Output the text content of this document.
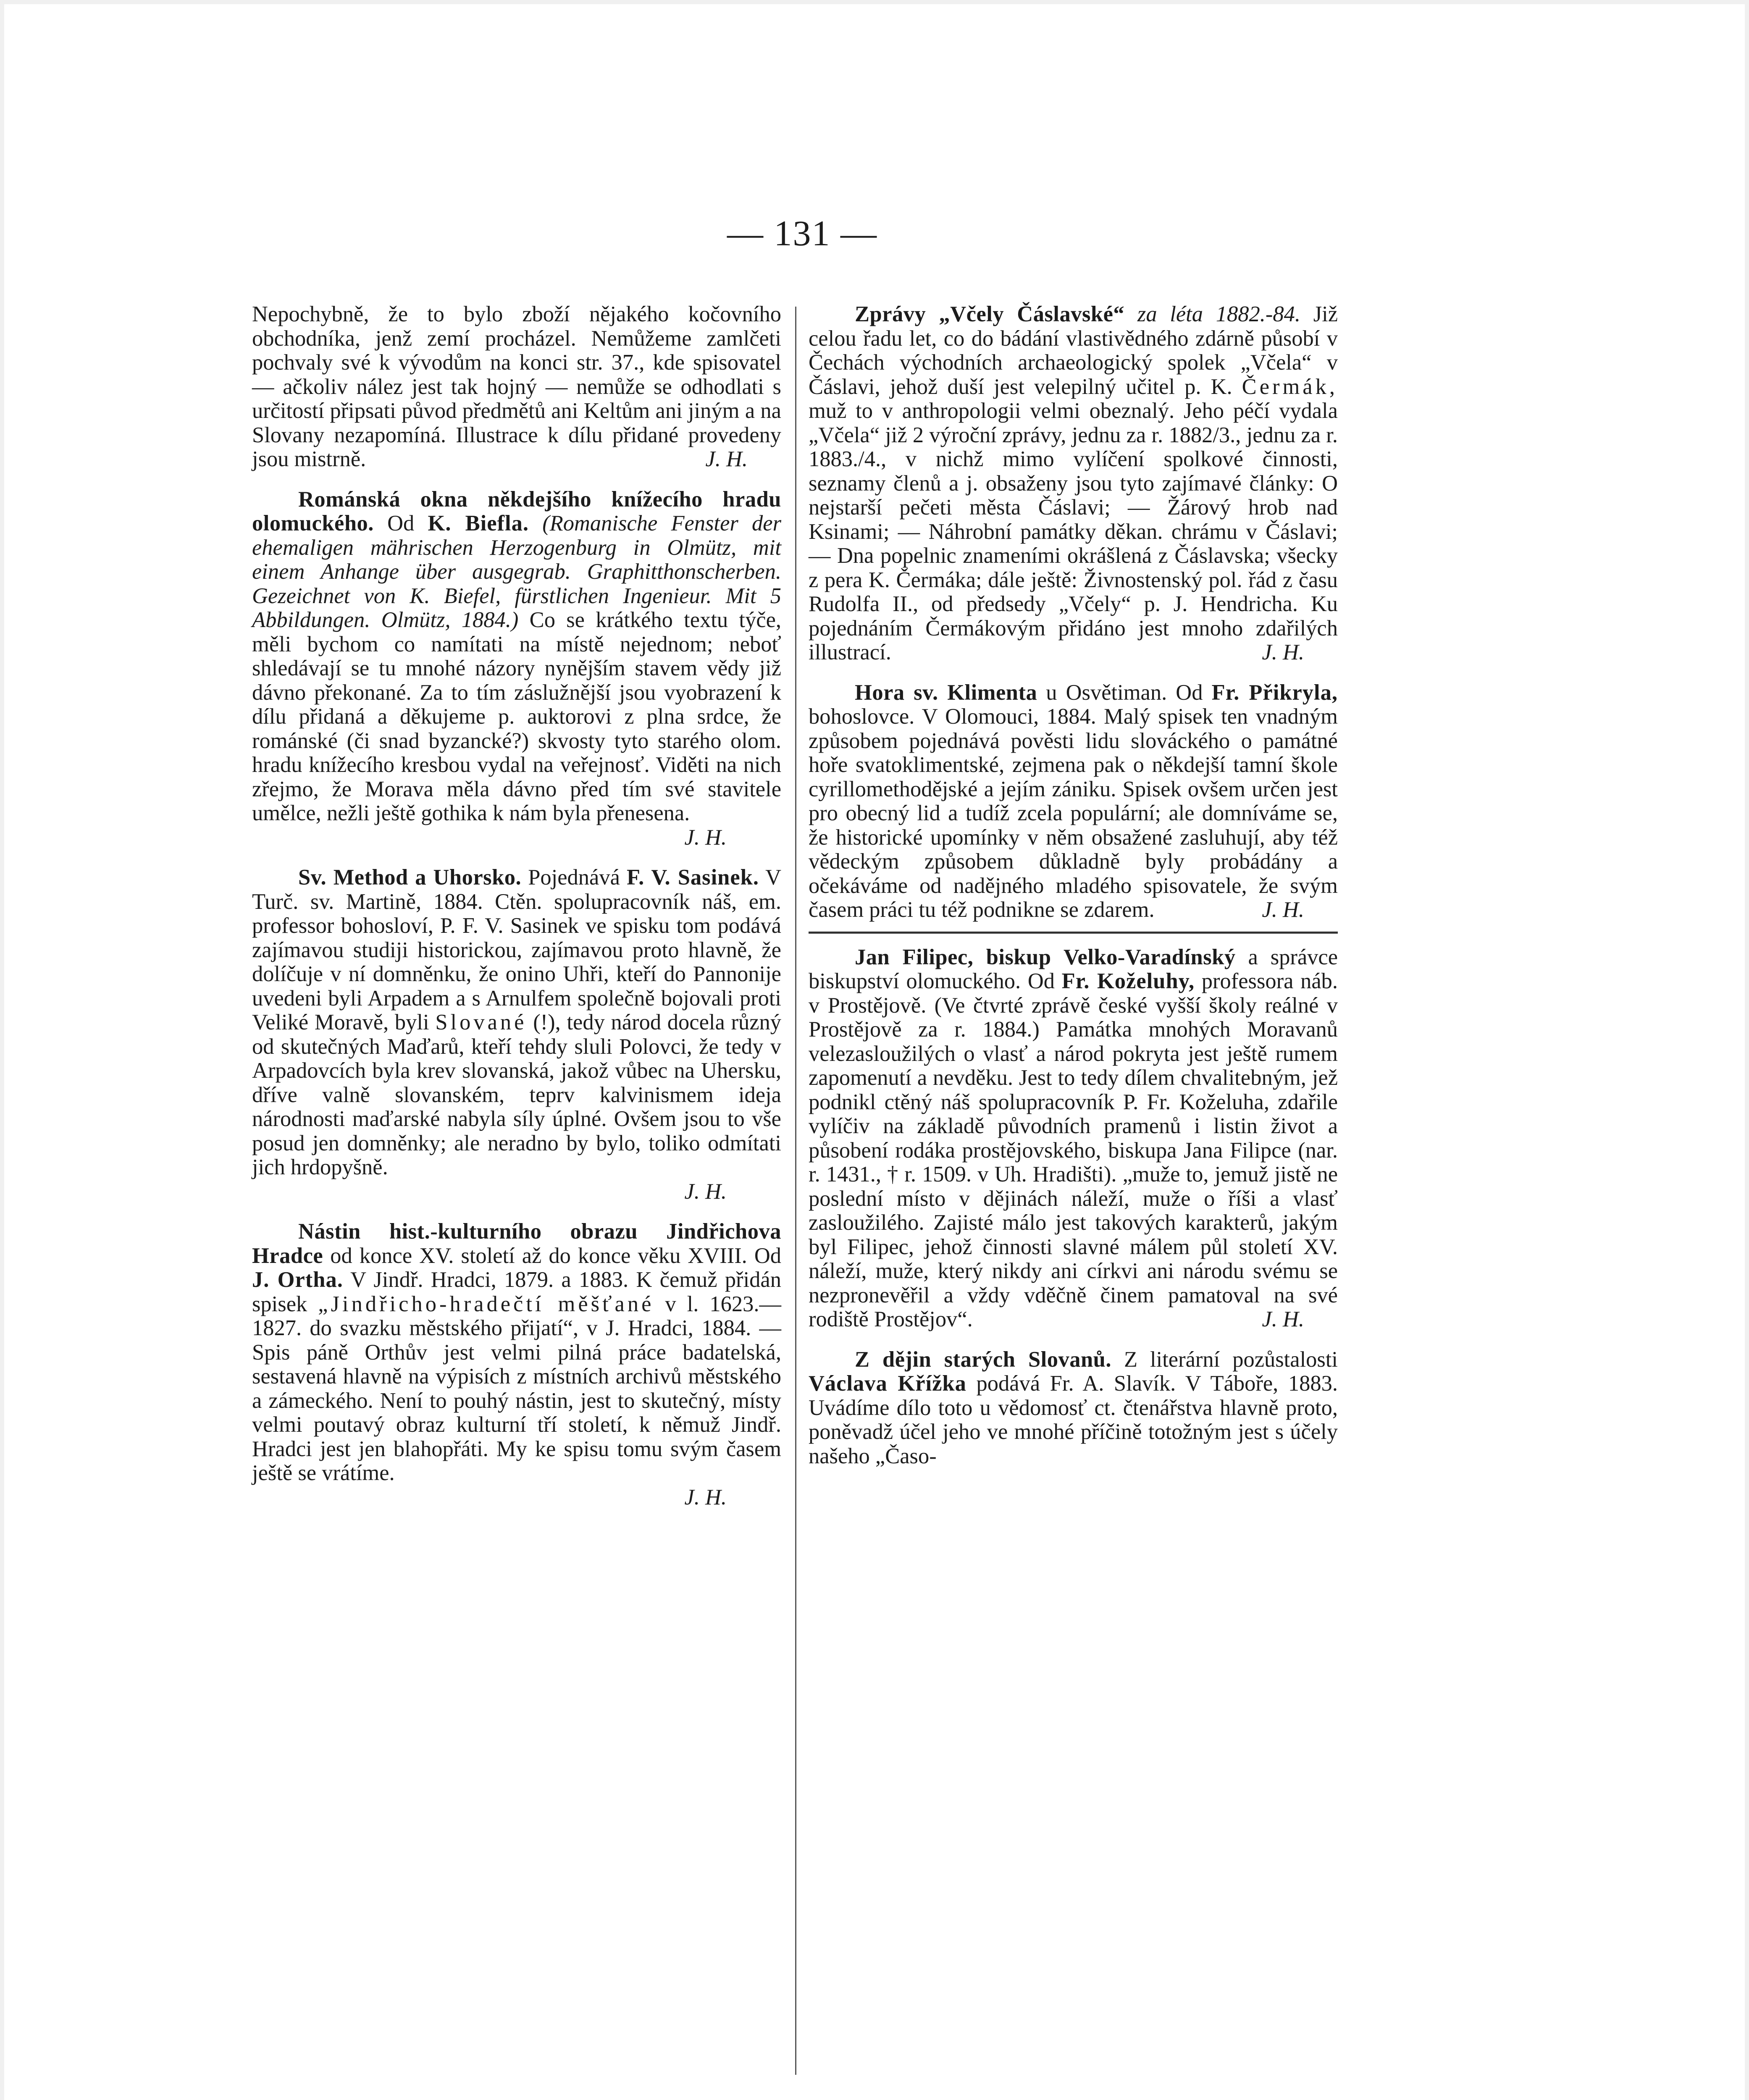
— 131 —

Nepochybně, že to bylo zboží nějakého kočovního obchodníka, jenž zemí procházel. Nemůžeme zamlčeti pochvaly své k vývodům na konci str. 37., kde spisovatel — ačkoliv nález jest tak hojný — nemůže se odhodlati s určitostí připsati původ předmětů ani Keltům ani jiným a na Slovany nezapomíná. Illustrace k dílu přidané provedeny jsou mistrně.	J. H.

Románská okna někdejšího knížecího hradu olomuckého. Od K. Biefla. (Romanische Fenster der ehemaligen mährischen Herzogenburg in Olmütz, mit einem Anhange über ausgegrab. Graphitthonscherben. Gezeichnet von K. Biefel, fürstlichen Ingenieur. Mit 5 Abbildungen. Olmütz, 1884.) Co se krátkého textu týče, měli bychom co namítati na místě nejednom; neboť shledávají se tu mnohé názory nynějším stavem vědy již dávno překonané. Za to tím záslužnější jsou vyobrazení k dílu přidaná a děkujeme p. auktorovi z plna srdce, že románské (či snad byzancké?) skvosty tyto starého olom. hradu knížecího kresbou vydal na veřejnosť. Viděti na nich zřejmo, že Morava měla dávno před tím své stavitele umělce, nežli ještě gothika k nám byla přenesena.

J. H.

Sv. Method a Uhorsko. Pojednává F. V. Sasinek. V Turč. sv. Martině, 1884. Ctěn. spolupracovník náš, em. professor bohosloví, P. F. V. Sasinek ve spisku tom podává zajímavou studiji historickou, zajímavou proto hlavně, že dolíčuje v ní domněnku, že onino Uhři, kteří do Pannonije uvedeni byli Arpadem a s Arnulfem společně bojovali proti Veliké Moravě, byli Slované (!), tedy národ docela různý od skutečných Maďarů, kteří tehdy sluli Polovci, že tedy v Arpadovcích byla krev slovanská, jakož vůbec na Uhersku, dříve valně slovanském, teprv kalvinismem ideja národnosti maďarské nabyla síly úplné. Ovšem jsou to vše posud jen domněnky; ale neradno by bylo, toliko odmítati jich hrdopyšně.

J. H.

Nástin hist.-kulturního obrazu Jindřichova Hradce od konce XV. století až do konce věku XVIII. Od J. Ortha. V Jindř. Hradci, 1879. a 1883. K čemuž přidán spisek „Jindřicho-hradečtí měšťané v l. 1623.—1827. do svazku městského přijatí“, v J. Hradci, 1884. — Spis páně Orthův jest velmi pilná práce badatelská, sestavená hlavně na výpisích z místních archivů městského a zámeckého. Není to pouhý nástin, jest to skutečný, místy velmi poutavý obraz kulturní tří století, k němuž Jindř. Hradci jest jen blahopřáti. My ke spisu tomu svým časem ještě se vrátíme.

J. H.

Zprávy „Včely Čáslavské“ za léta 1882.-84. Již celou řadu let, co do bádání vlastivědného zdárně působí v Čechách východních archaeologický spolek „Včela“ v Čáslavi, jehož duší jest velepilný učitel p. K. Čermák, muž to v anthropologii velmi obeznalý. Jeho péčí vydala „Včela“ již 2 výroční zprávy, jednu za r. 1882/3., jednu za r. 1883./4., v nichž mimo vylíčení spolkové činnosti, seznamy členů a j. obsaženy jsou tyto zajímavé články: O nejstarší pečeti města Čáslavi; — Žárový hrob nad Ksinami; — Náhrobní památky děkan. chrámu v Čáslavi; — Dna popelnic znameními okrášlená z Čáslavska; všecky z pera K. Čermáka; dále ještě: Živnostenský pol. řád z času Rudolfa II., od předsedy „Včely“ p. J. Hendricha. Ku pojednáním Čermákovým přidáno jest mnoho zdařilých illustrací.	J. H.

Hora sv. Klimenta u Osvětiman. Od Fr. Přikryla, bohoslovce. V Olomouci, 1884. Malý spisek ten vnadným způsobem pojednává pověsti lidu slováckého o památné hoře svatoklimentské, zejmena pak o někdejší tamní škole cyrillomethodějské a jejím zániku. Spisek ovšem určen jest pro obecný lid a tudíž zcela populární; ale domníváme se, že historické upomínky v něm obsažené zasluhují, aby též vědeckým způsobem důkladně byly probádány a očekáváme od nadějného mladého spisovatele, že svým časem práci tu též podnikne se zdarem.	J. H.

Jan Filipec, biskup Velko-Varadínský a správce biskupství olomuckého. Od Fr. Koželuhy, professora náb. v Prostějově. (Ve čtvrté zprávě české vyšší školy reálné v Prostějově za r. 1884.) Památka mnohých Moravanů velezasloužilých o vlasť a národ pokryta jest ještě rumem zapomenutí a nevděku. Jest to tedy dílem chvalitebným, jež podnikl ctěný náš spolupracovník P. Fr. Koželuha, zdařile vylíčiv na základě původních pramenů i listin život a působení rodáka prostějovského, biskupa Jana Filipce (nar. r. 1431., † r. 1509. v Uh. Hradišti). „muže to, jemuž jistě ne poslední místo v dějinách náleží, muže o říši a vlasť zasloužilého. Zajisté málo jest takových karakterů, jakým byl Filipec, jehož činnosti slavné málem půl století XV. náleží, muže, který nikdy ani církvi ani národu svému se nezpronevěřil a vždy vděčně činem pamatoval na své rodiště Prostějov“.	J. H.

Z dějin starých Slovanů. Z literární pozůstalosti Václava Křížka podává Fr. A. Slavík. V Táboře, 1883. Uvádíme dílo toto u vědomosť ct. čtenářstva hlavně proto, poněvadž účel jeho ve mnohé příčině totožným jest s účely našeho „Časo-
